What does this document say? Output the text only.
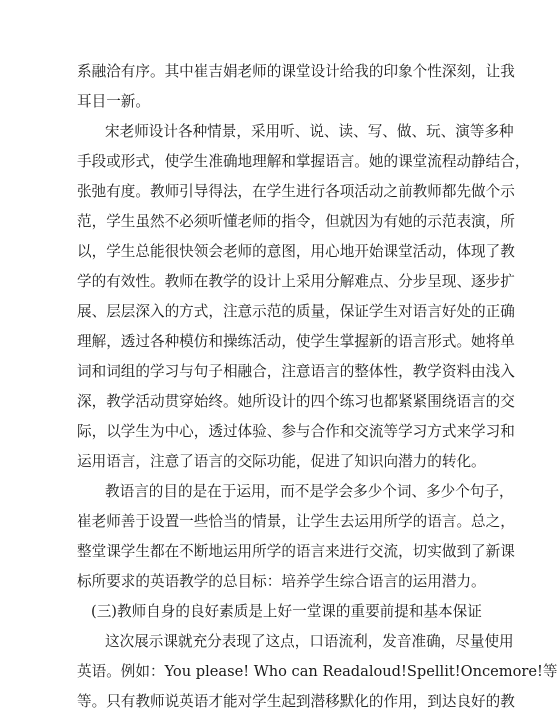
系融洽有序。其中崔吉娟老师的课堂设计给我的印象个性深刻，让我
耳目一新。
宋老师设计各种情景，采用听、说、读、写、做、玩、演等多种
手段或形式，使学生准确地理解和掌握语言。她的课堂流程动静结合，
张弛有度。教师引导得法，在学生进行各项活动之前教师都先做个示
范，学生虽然不必须听懂老师的指令，但就因为有她的示范表演，所
以，学生总能很快领会老师的意图，用心地开始课堂活动，体现了教
学的有效性。教师在教学的设计上采用分解难点、分步呈现、逐步扩
展、层层深入的方式，注意示范的质量，保证学生对语言好处的正确
理解，透过各种模仿和操练活动，使学生掌握新的语言形式。她将单
词和词组的学习与句子相融合，注意语言的整体性，教学资料由浅入
深，教学活动贯穿始终。她所设计的四个练习也都紧紧围绕语言的交
际，以学生为中心，透过体验、参与合作和交流等学习方式来学习和
运用语言，注意了语言的交际功能，促进了知识向潜力的转化。
教语言的目的是在于运用，而不是学会多少个词、多少个句子，
崔老师善于设置一些恰当的情景，让学生去运用所学的语言。总之，
整堂课学生都在不断地运用所学的语言来进行交流，切实做到了新课
标所要求的英语教学的总目标：培养学生综合语言的运用潜力。
(三)教师自身的良好素质是上好一堂课的重要前提和基本保证
这次展示课就充分表现了这点，口语流利，发音准确，尽量使用
英语。例如：You please! Who can Readaloud!Spellit!Oncemore!等
等。只有教师说英语才能对学生起到潜移默化的作用，到达良好的教
